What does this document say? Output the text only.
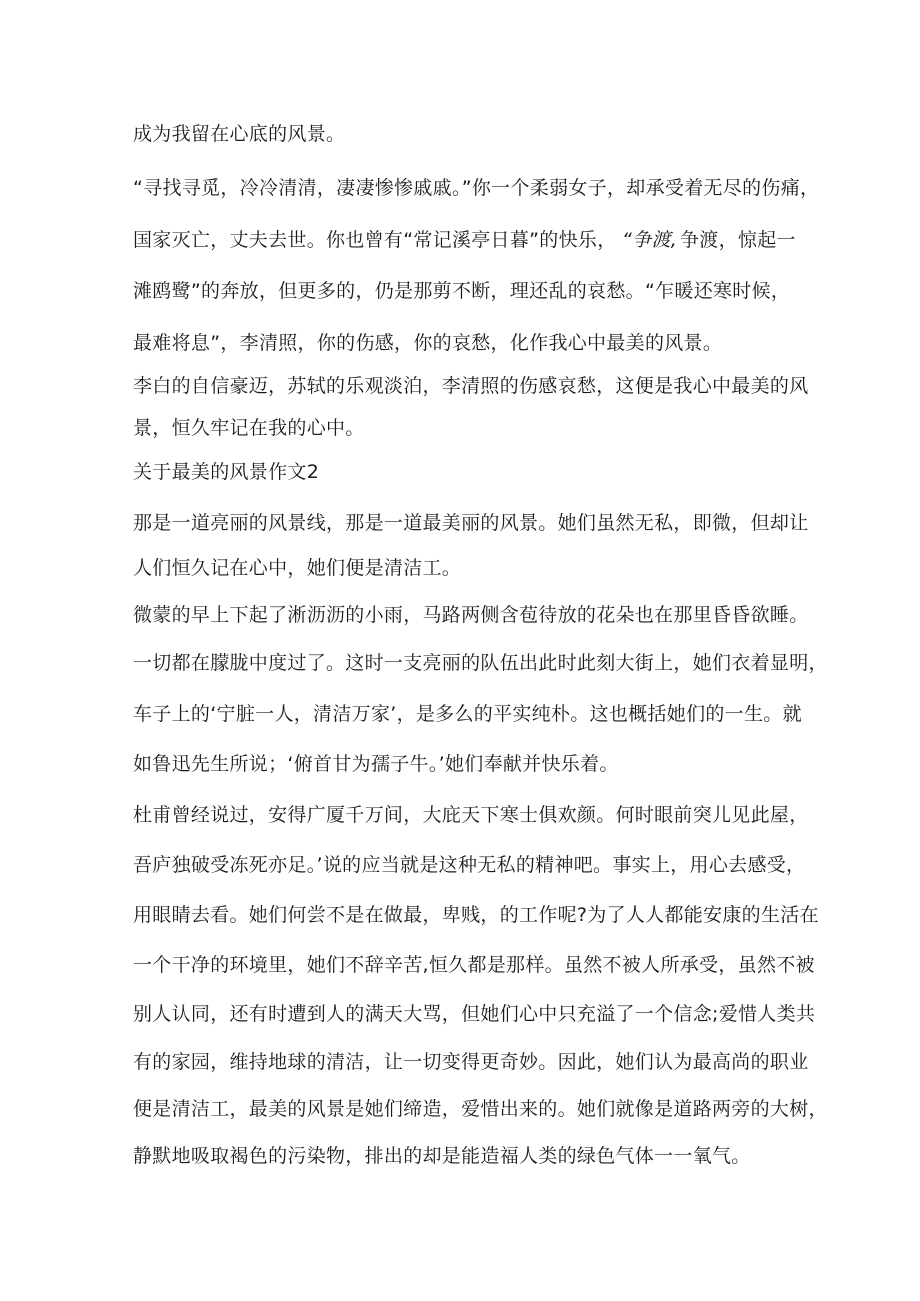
成为我留在心底的风景。
“寻找寻觅，冷冷清清，凄凄惨惨戚戚。”你一个柔弱女子，却承受着无尽的伤痛，
国家灭亡，丈夫去世。你也曾有“常记溪亭日暮”的快乐， “争渡, 争渡，惊起一
滩鸥鹭”的奔放，但更多的，仍是那剪不断，理还乱的哀愁。“乍暖还寒时候，
最难将息”，李清照，你的伤感，你的哀愁，化作我心中最美的风景。
李白的自信豪迈，苏轼的乐观淡泊，李清照的伤感哀愁，这便是我心中最美的风
景，恒久牢记在我的心中。
关于最美的风景作文2
那是一道亮丽的风景线，那是一道最美丽的风景。她们虽然无私，即微，但却让
人们恒久记在心中，她们便是清洁工。
微蒙的早上下起了淅沥沥的小雨，马路两侧含苞待放的花朵也在那里昏昏欲睡。
一切都在朦胧中度过了。这时一支亮丽的队伍出此时此刻大街上，她们衣着显明，
车子上的‘宁脏一人，清洁万家’，是多么的平实纯朴。这也概括她们的一生。就
如鲁迅先生所说；‘俯首甘为孺子牛。’她们奉献并快乐着。
杜甫曾经说过，安得广厦千万间，大庇天下寒士俱欢颜。何时眼前突儿见此屋，
吾庐独破受冻死亦足。’说的应当就是这种无私的精神吧。事实上，用心去感受，
用眼睛去看。她们何尝不是在做最，卑贱，的工作呢?为了人人都能安康的生活在
一个干净的环境里，她们不辞辛苦,恒久都是那样。虽然不被人所承受，虽然不被
别人认同，还有时遭到人的满天大骂，但她们心中只充溢了一个信念;爱惜人类共
有的家园，维持地球的清洁，让一切变得更奇妙。因此，她们认为最高尚的职业
便是清洁工，最美的风景是她们缔造，爱惜出来的。她们就像是道路两旁的大树，
静默地吸取褐色的污染物，排出的却是能造福人类的绿色气体一一氧气。
